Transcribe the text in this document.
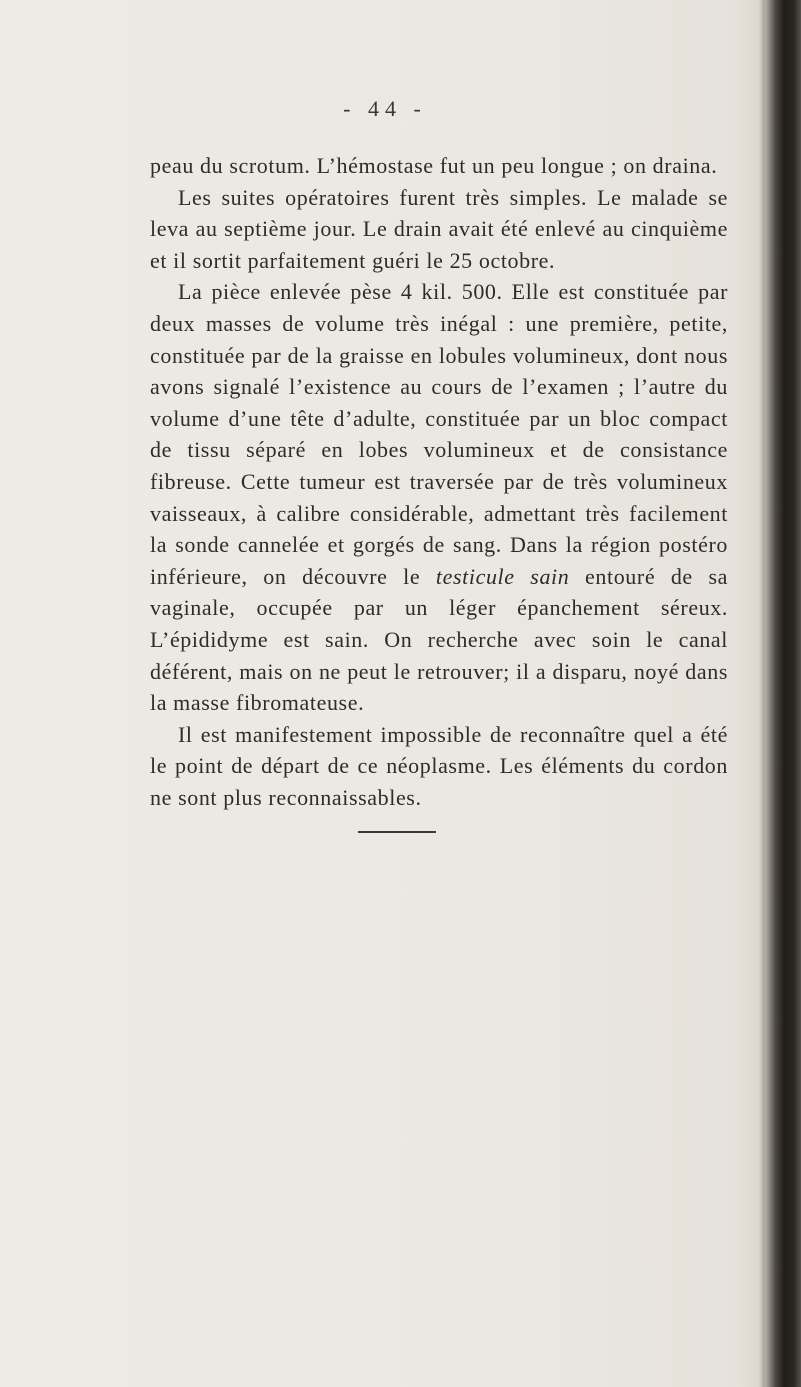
- 44 -

peau du scrotum. L’hémostase fut un peu longue ; on draina.

Les suites opératoires furent très simples. Le malade se leva au septième jour. Le drain avait été enlevé au cinquième et il sortit parfaitement guéri le 25 octobre.

La pièce enlevée pèse 4 kil. 500. Elle est constituée par deux masses de volume très inégal : une première, petite, constituée par de la graisse en lobules volumineux, dont nous avons signalé l’existence au cours de l’examen ; l’autre du volume d’une tête d’adulte, constituée par un bloc compact de tissu séparé en lobes volumineux et de consistance fibreuse. Cette tumeur est traversée par de très volumineux vaisseaux, à calibre considérable, admettant très facilement la sonde cannelée et gorgés de sang. Dans la région postéro inférieure, on découvre le testicule sain entouré de sa vaginale, occupée par un léger épanchement séreux. L’épididyme est sain. On recherche avec soin le canal déférent, mais on ne peut le retrouver; il a disparu, noyé dans la masse fibromateuse.

Il est manifestement impossible de reconnaître quel a été le point de départ de ce néoplasme. Les éléments du cordon ne sont plus reconnaissables.
